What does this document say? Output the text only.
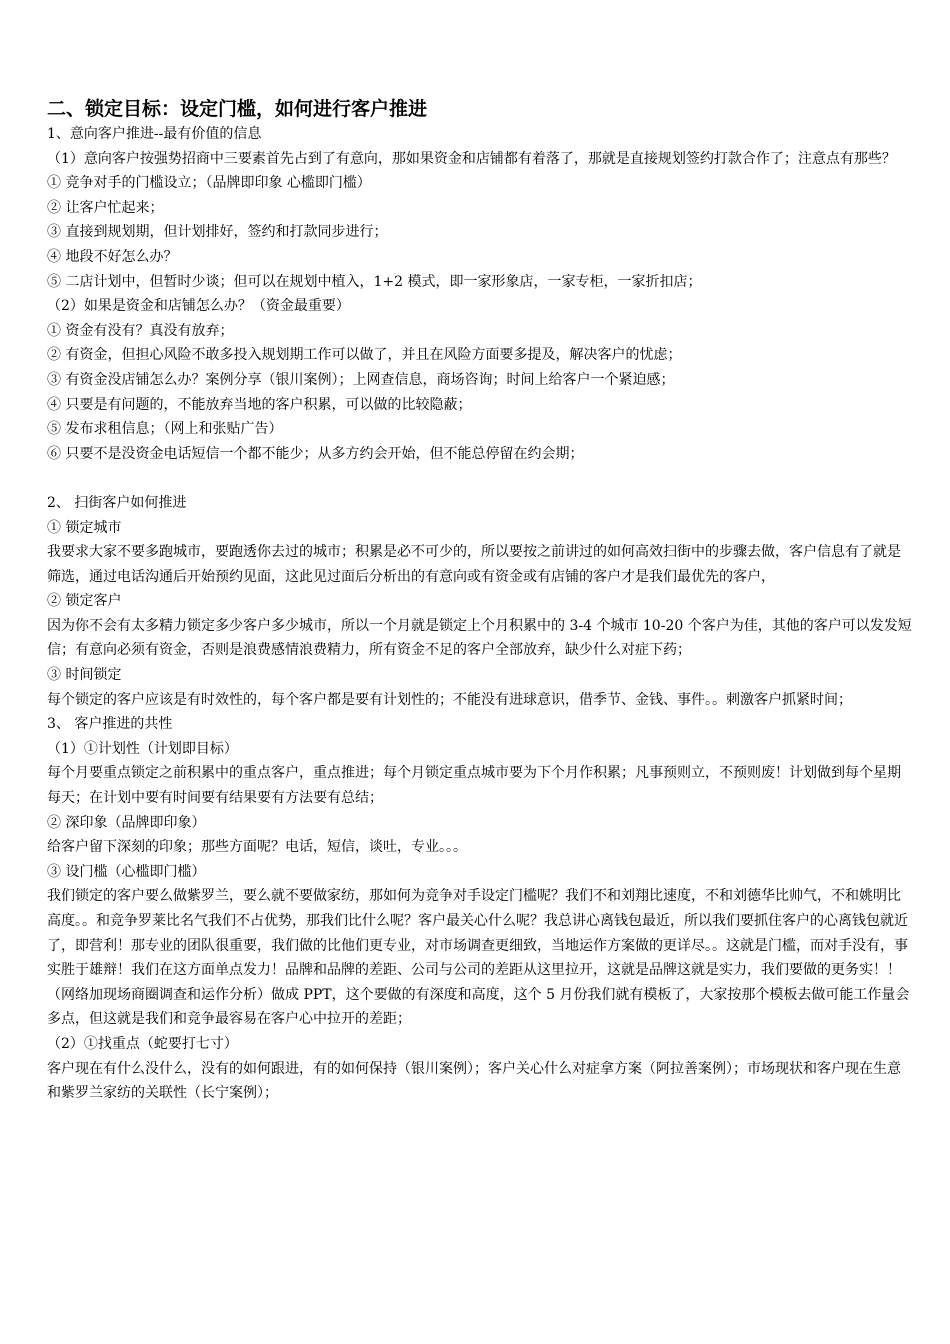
二、锁定目标：设定门槛，如何进行客户推进

1、意向客户推进--最有价值的信息

（1）意向客户按强势招商中三要素首先占到了有意向，那如果资金和店铺都有着落了，那就是直接规划签约打款合作了；注意点有那些？

① 竞争对手的门槛设立；（品牌即印象 心槛即门槛）

② 让客户忙起来；

③ 直接到规划期，但计划排好，签约和打款同步进行；

④ 地段不好怎么办？

⑤ 二店计划中，但暂时少谈；但可以在规划中植入，1+2 模式，即一家形象店，一家专柜，一家折扣店；

（2）如果是资金和店铺怎么办？（资金最重要）

① 资金有没有？真没有放弃；

② 有资金，但担心风险不敢多投入规划期工作可以做了，并且在风险方面要多提及，解决客户的忧虑；

③ 有资金没店铺怎么办？案例分享（银川案例）；上网查信息，商场咨询；时间上给客户一个紧迫感；

④ 只要是有问题的，不能放弃当地的客户积累，可以做的比较隐蔽；

⑤ 发布求租信息；（网上和张贴广告）

⑥ 只要不是没资金电话短信一个都不能少；从多方约会开始，但不能总停留在约会期；

2、 扫街客户如何推进

① 锁定城市

我要求大家不要多跑城市，要跑透你去过的城市；积累是必不可少的，所以要按之前讲过的如何高效扫街中的步骤去做，客户信息有了就是筛选，通过电话沟通后开始预约见面，这此见过面后分析出的有意向或有资金或有店铺的客户才是我们最优先的客户，

② 锁定客户

因为你不会有太多精力锁定多少客户多少城市，所以一个月就是锁定上个月积累中的 3-4 个城市 10-20 个客户为佳，其他的客户可以发发短信；有意向必须有资金，否则是浪费感情浪费精力，所有资金不足的客户全部放弃，缺少什么对症下药；

③ 时间锁定

每个锁定的客户应该是有时效性的，每个客户都是要有计划性的；不能没有进球意识，借季节、金钱、事件。。刺激客户抓紧时间；

3、 客户推进的共性

（1）①计划性（计划即目标）

每个月要重点锁定之前积累中的重点客户，重点推进；每个月锁定重点城市要为下个月作积累；凡事预则立，不预则废！计划做到每个星期每天；在计划中要有时间要有结果要有方法要有总结；

② 深印象（品牌即印象）

给客户留下深刻的印象；那些方面呢？电话，短信，谈吐，专业。。。

③ 设门槛（心槛即门槛）

我们锁定的客户要么做紫罗兰，要么就不要做家纺，那如何为竞争对手设定门槛呢？我们不和刘翔比速度，不和刘德华比帅气，不和姚明比高度。。和竞争罗莱比名气我们不占优势，那我们比什么呢？客户最关心什么呢？我总讲心离钱包最近，所以我们要抓住客户的心离钱包就近了，即营利！那专业的团队很重要，我们做的比他们更专业，对市场调查更细致，当地运作方案做的更详尽。。这就是门槛，而对手没有，事实胜于雄辩！我们在这方面单点发力！品牌和品牌的差距、公司与公司的差距从这里拉开，这就是品牌这就是实力，我们要做的更务实！！（网络加现场商圈调查和运作分析）做成 PPT，这个要做的有深度和高度，这个 5 月份我们就有模板了，大家按那个模板去做可能工作量会多点，但这就是我们和竞争最容易在客户心中拉开的差距；

（2）①找重点（蛇要打七寸）

客户现在有什么没什么，没有的如何跟进，有的如何保持（银川案例）；客户关心什么对症拿方案（阿拉善案例）；市场现状和客户现在生意和紫罗兰家纺的关联性（长宁案例）；
